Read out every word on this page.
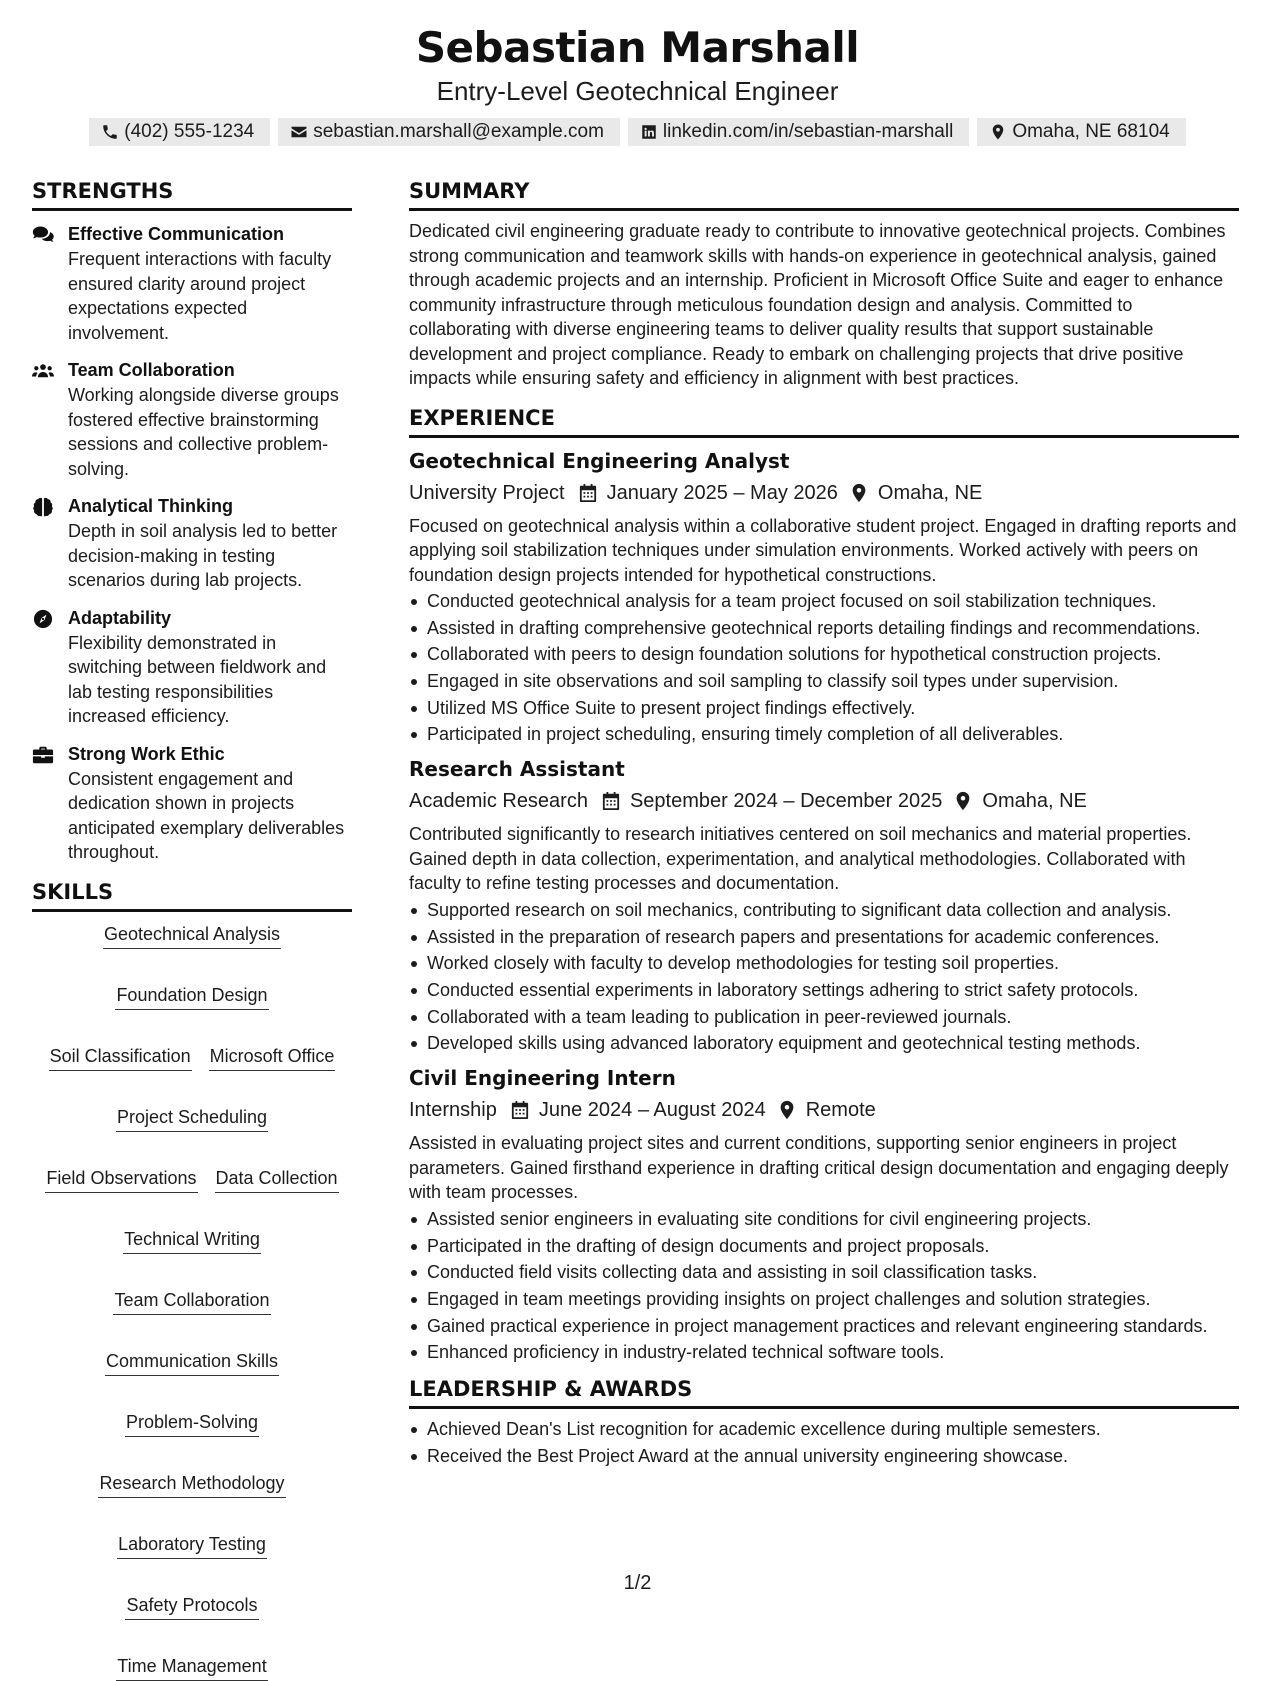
Sebastian Marshall
Entry-Level Geotechnical Engineer
(402) 555-1234	sebastian.marshall@example.com	linkedin.com/in/sebastian-marshall	Omaha, NE 68104
STRENGTHS
Effective Communication
Frequent interactions with faculty ensured clarity around project expectations expected involvement.
Team Collaboration
Working alongside diverse groups fostered effective brainstorming sessions and collective problem-solving.
Analytical Thinking
Depth in soil analysis led to better decision-making in testing scenarios during lab projects.
Adaptability
Flexibility demonstrated in switching between fieldwork and lab testing responsibilities increased efficiency.
Strong Work Ethic
Consistent engagement and dedication shown in projects anticipated exemplary deliverables throughout.
SKILLS
Geotechnical Analysis
Foundation Design
Soil Classification Microsoft Office
Project Scheduling
Field Observations Data Collection
Technical Writing
Team Collaboration
Communication Skills
Problem-Solving
Research Methodology
Laboratory Testing
Safety Protocols
Time Management
SUMMARY
Dedicated civil engineering graduate ready to contribute to innovative geotechnical projects. Combines strong communication and teamwork skills with hands-on experience in geotechnical analysis, gained through academic projects and an internship. Proficient in Microsoft Office Suite and eager to enhance community infrastructure through meticulous foundation design and analysis. Committed to collaborating with diverse engineering teams to deliver quality results that support sustainable development and project compliance. Ready to embark on challenging projects that drive positive impacts while ensuring safety and efficiency in alignment with best practices.
EXPERIENCE
Geotechnical Engineering Analyst
University Project January 2025 – May 2026 Omaha, NE
Focused on geotechnical analysis within a collaborative student project. Engaged in drafting reports and applying soil stabilization techniques under simulation environments. Worked actively with peers on foundation design projects intended for hypothetical constructions.
Conducted geotechnical analysis for a team project focused on soil stabilization techniques.
Assisted in drafting comprehensive geotechnical reports detailing findings and recommendations.
Collaborated with peers to design foundation solutions for hypothetical construction projects.
Engaged in site observations and soil sampling to classify soil types under supervision.
Utilized MS Office Suite to present project findings effectively.
Participated in project scheduling, ensuring timely completion of all deliverables.
Research Assistant
Academic Research September 2024 – December 2025 Omaha, NE
Contributed significantly to research initiatives centered on soil mechanics and material properties. Gained depth in data collection, experimentation, and analytical methodologies. Collaborated with faculty to refine testing processes and documentation.
Supported research on soil mechanics, contributing to significant data collection and analysis.
Assisted in the preparation of research papers and presentations for academic conferences.
Worked closely with faculty to develop methodologies for testing soil properties.
Conducted essential experiments in laboratory settings adhering to strict safety protocols.
Collaborated with a team leading to publication in peer-reviewed journals.
Developed skills using advanced laboratory equipment and geotechnical testing methods.
Civil Engineering Intern
Internship June 2024 – August 2024 Remote
Assisted in evaluating project sites and current conditions, supporting senior engineers in project parameters. Gained firsthand experience in drafting critical design documentation and engaging deeply with team processes.
Assisted senior engineers in evaluating site conditions for civil engineering projects.
Participated in the drafting of design documents and project proposals.
Conducted field visits collecting data and assisting in soil classification tasks.
Engaged in team meetings providing insights on project challenges and solution strategies.
Gained practical experience in project management practices and relevant engineering standards.
Enhanced proficiency in industry-related technical software tools.
LEADERSHIP & AWARDS
Achieved Dean's List recognition for academic excellence during multiple semesters.
Received the Best Project Award at the annual university engineering showcase.
1/2
